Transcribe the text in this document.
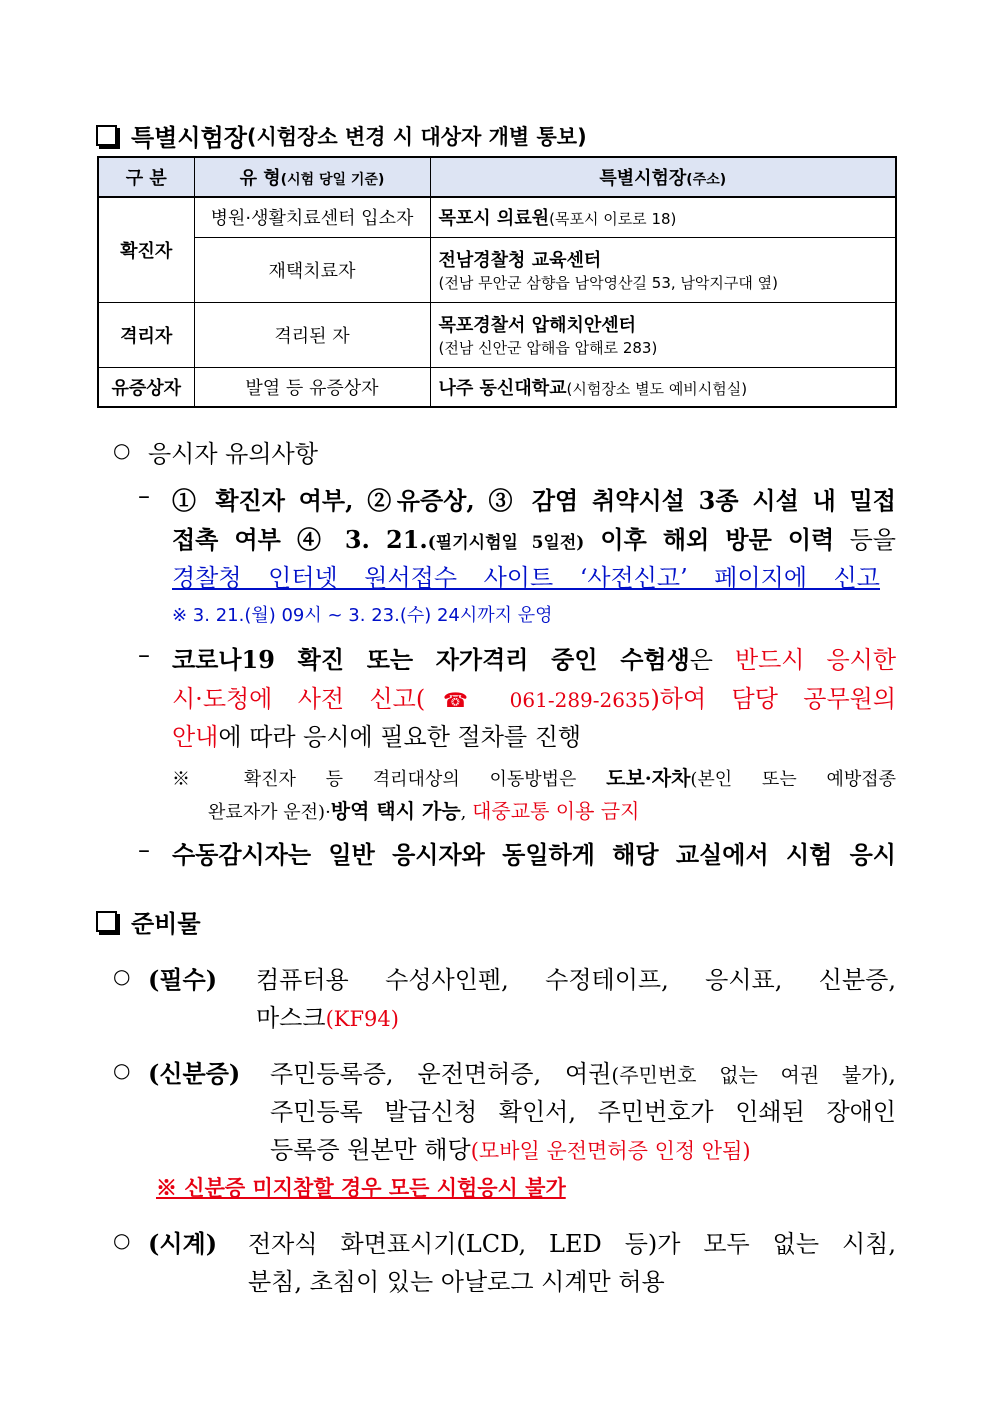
특별시험장 (시험장소 변경 시 대상자 개별 통보)
구 분	유 형(시험 당일 기준)	특별시험장(주소)
확진자	병원·생활치료센터 입소자	목포시 의료원(목포시 이로로 18)
	재택치료자	전남경찰청 교육센터
(전남 무안군 삼향읍 남악영산길 53, 남악지구대 옆)

격리자	격리된 자	목포경찰서 압해치안센터
(전남 신안군 압해읍 압해로 283)

유증상자	발열 등 유증상자	나주 동신대학교(시험장소 별도 예비시험실)
○ 응시자 유의사항
– ① 확진자 여부, ②유증상, ③ 감염 취약시설 3종 시설 내 밀접
접촉 여부 ④ 3. 21.(필기시험일 5일전) 이후 해외 방문 이력 등을
경찰청 인터넷 원서접수 사이트 ‘사전신고’ 페이지에 신고
※ 3. 21.(월) 09시 ~ 3. 23.(수) 24시까지 운영
– 코로나19 확진 또는 자가격리 중인 수험생은 반드시 응시한
시·도청에 사전 신고(☎ 061-289-2635)하여 담당 공무원의
안내에 따라 응시에 필요한 절차를 진행
※ 확진자 등 격리대상의 이동방법은 도보·자차(본인 또는 예방접종
완료자가 운전)·방역 택시 가능, 대중교통 이용 금지
– 수동감시자는 일반 응시자와 동일하게 해당 교실에서 시험 응시
준비물
○ (필수) 컴퓨터용 수성사인펜, 수정테이프, 응시표, 신분증,
마스크(KF94)
○ (신분증) 주민등록증, 운전면허증, 여권(주민번호 없는 여권 불가),
주민등록 발급신청 확인서, 주민번호가 인쇄된 장애인
등록증 원본만 해당(모바일 운전면허증 인정 안됨)
※ 신분증 미지참할 경우 모든 시험응시 불가
○ (시계) 전자식 화면표시기(LCD, LED 등)가 모두 없는 시침,
분침, 초침이 있는 아날로그 시계만 허용
